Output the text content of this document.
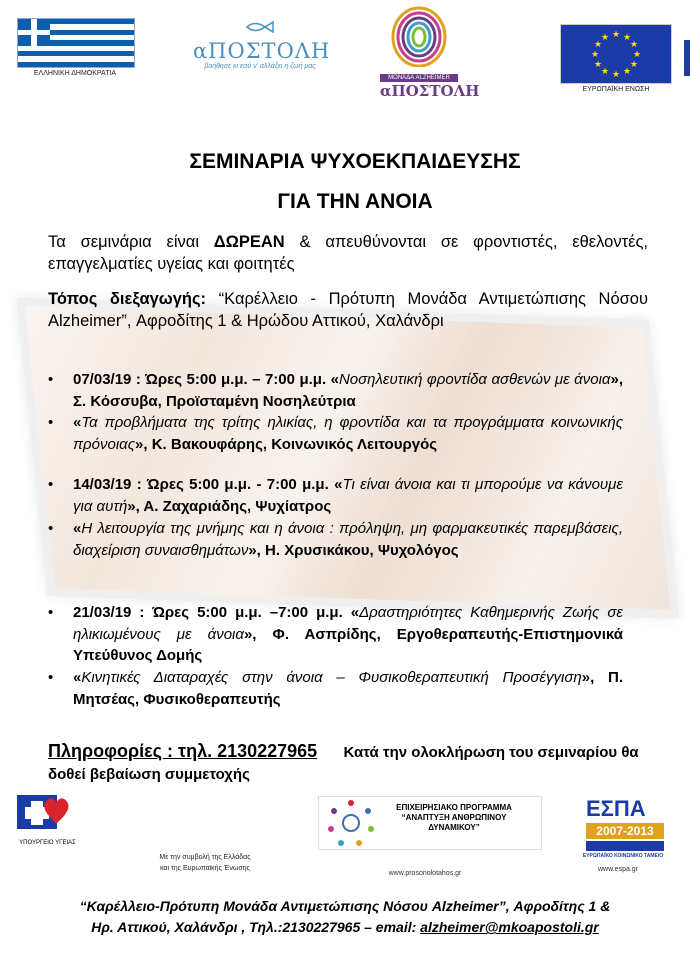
ΕΛΛΗΝΙΚΗ ΔΗΜΟΚΡΑΤΙΑ
αΠΟΣΤΟΛΗ
βοήθησε κι εσύ ν' αλλάξει η ζωή μας
ΜΟΝΑΔΑ ALZHEIMER
αΠΟΣΤΟΛΗ
★ ★
★
★
★
★
★
★
★
★
★
★
ΕΥΡΩΠΑΪΚΗ ΕΝΩΣΗ
ΣΕΜΙΝΑΡΙΑ ΨΥΧΟΕΚΠΑΙΔΕΥΣΗΣ
ΓΙΑ ΤΗΝ ΑΝΟΙΑ
Τα σεμινάρια είναι ΔΩΡΕΑΝ & απευθύνονται σε φροντιστές, εθελοντές, επαγγελματίες υγείας και φοιτητές
Τόπος διεξαγωγής: “Καρέλλειο - Πρότυπη Μονάδα Αντιμετώπισης Νόσου Alzheimer”, Αφροδίτης 1 & Ηρώδου Αττικού, Χαλάνδρι
• 07/03/19 : Ώρες 5:00 μ.μ. – 7:00 μ.μ. «Νοσηλευτική φροντίδα ασθενών με άνοια», Σ. Κόσσυβα, Προϊσταμένη Νοσηλεύτρια
• «Τα προβλήματα της τρίτης ηλικίας, η φροντίδα και τα προγράμματα κοινωνικής πρόνοιας», Κ. Βακουφάρης, Κοινωνικός Λειτουργός
• 14/03/19 : Ώρες 5:00 μ.μ. - 7:00 μ.μ. «Τι είναι άνοια και τι μπορούμε να κάνουμε για αυτή», Α. Ζαχαριάδης, Ψυχίατρος
• «Η λειτουργία της μνήμης και η άνοια : πρόληψη, μη φαρμακευτικές παρεμβάσεις, διαχείριση συναισθημάτων», Η. Χρυσικάκου, Ψυχολόγος
• 21/03/19 : Ώρες 5:00 μ.μ. –7:00 μ.μ. «Δραστηριότητες Καθημερινής Ζωής σε ηλικιωμένους με άνοια», Φ. Ασπρίδης, Εργοθεραπευτής-Επιστημονικά Υπεύθυνος Δομής
• «Κινητικές Διαταραχές στην άνοια – Φυσικοθεραπευτική Προσέγγιση», Π. Μητσέας, Φυσικοθεραπευτής
Πληροφορίες : τηλ. 2130227965 Κατά την ολοκλήρωση του σεμιναρίου θα δοθεί βεβαίωση συμμετοχής
ΥΠΟΥΡΓΕΙΟ ΥΓΕΙΑΣ
Με την συμβολή της Ελλάδας
και της Ευρωπαϊκής Ένωσης
ΕΠΙΧΕΙΡΗΣΙΑΚΟ ΠΡΟΓΡΑΜΜΑ
“ΑΝΑΠΤΥΞΗ ΑΝΘΡΩΠΙΝΟΥ ΔΥΝΑΜΙΚΟΥ”
www.prosonolotahos.gr
ΕΣΠΑ
2007-2013
ΕΥΡΩΠΑΪΚΟ ΚΟΙΝΩΝΙΚΟ ΤΑΜΕΙΟ
www.espa.gr
“Καρέλλειο-Πρότυπη Μονάδα Αντιμετώπισης Νόσου Alzheimer”, Αφροδίτης 1 &
Ηρ. Αττικού, Χαλάνδρι , Τηλ.:2130227965 – email: alzheimer@mkoapostoli.gr
